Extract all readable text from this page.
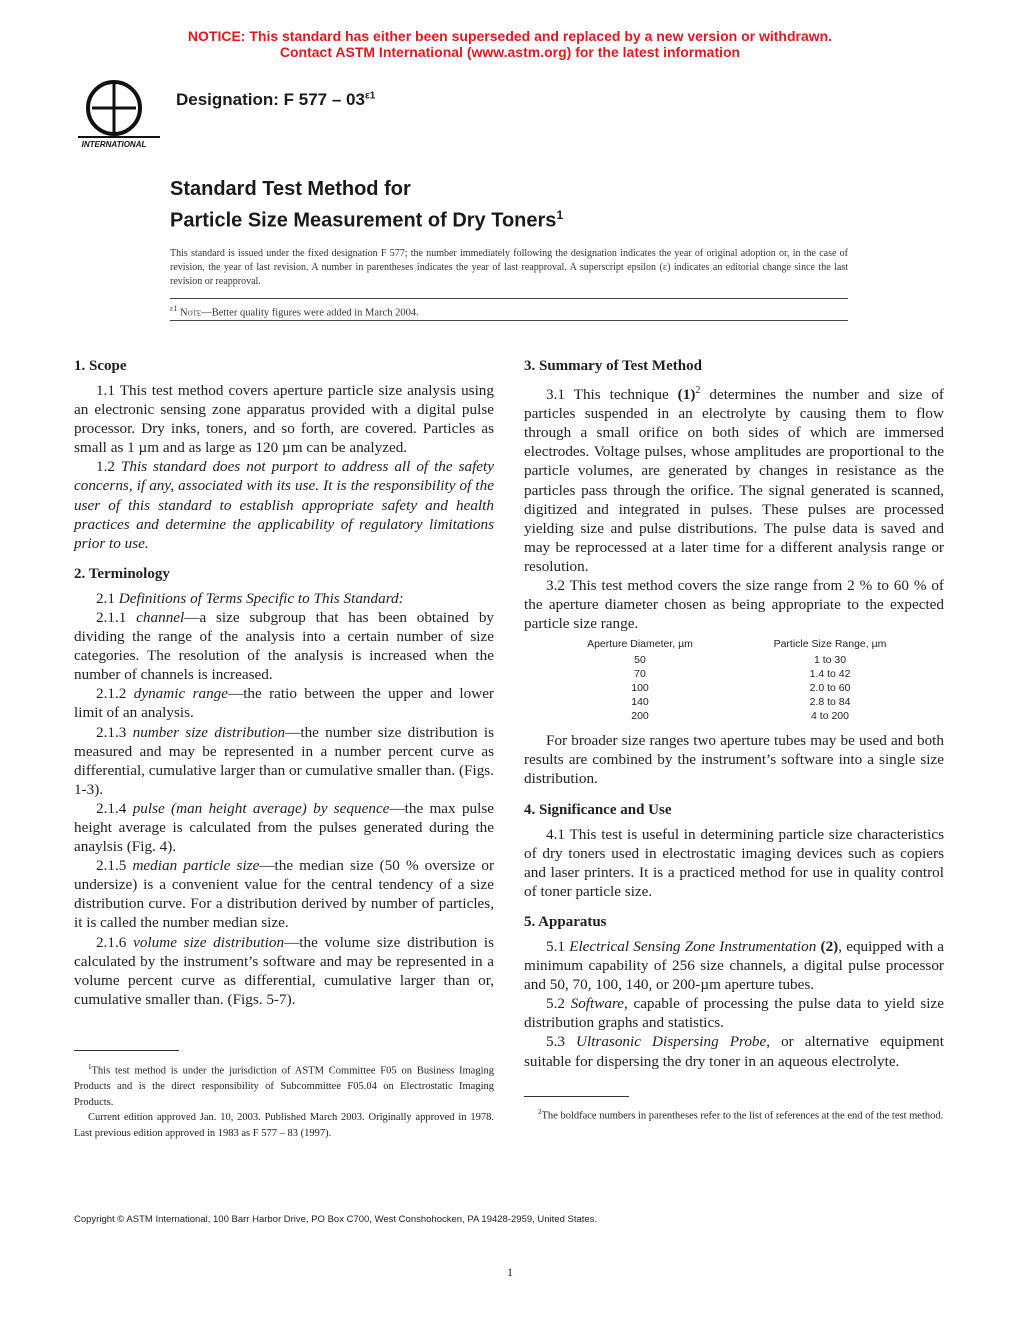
NOTICE: This standard has either been superseded and replaced by a new version or withdrawn.
Contact ASTM International (www.astm.org) for the latest information
INTERNATIONAL
Designation: F $577 - 03^{\varepsilon 1}$
Standard Test Method for
Particle Size Measurement of Dry Toners$^1$
This standard is issued under the fixed designation F 577; the number immediately following the designation indicates the year of original adoption or, in the case of revision, the year of last revision. A number in parentheses indicates the year of last reapproval. A superscript epsilon (ε) indicates an editorial change since the last revision or reapproval.
$^{\varepsilon 1}$ Note—Better quality figures were added in March 2004.
1. Scope

1.1 This test method covers aperture particle size analysis using an electronic sensing zone apparatus provided with a digital pulse processor. Dry inks, toners, and so forth, are covered. Particles as small as 1 µm and as large as 120 µm can be analyzed.

1.2 This standard does not purport to address all of the safety concerns, if any, associated with its use. It is the responsibility of the user of this standard to establish appropriate safety and health practices and determine the applicability of regulatory limitations prior to use.

2. Terminology

2.1 Definitions of Terms Specific to This Standard:

2.1.1 channel—a size subgroup that has been obtained by dividing the range of the analysis into a certain number of size categories. The resolution of the analysis is increased when the number of channels is increased.

2.1.2 dynamic range—the ratio between the upper and lower limit of an analysis.

2.1.3 number size distribution—the number size distribution is measured and may be represented in a number percent curve as differential, cumulative larger than or cumulative smaller than. (Figs. 1-3).

2.1.4 pulse (man height average) by sequence—the max pulse height average is calculated from the pulses generated during the anaylsis (Fig. 4).

2.1.5 median particle size—the median size (50 % oversize or undersize) is a convenient value for the central tendency of a size distribution curve. For a distribution derived by number of particles, it is called the number median size.

2.1.6 volume size distribution—the volume size distribution is calculated by the instrument’s software and may be represented in a volume percent curve as differential, cumulative larger than or, cumulative smaller than. (Figs. 5-7).

3. Summary of Test Method

3.1 This technique $(1)^2$ determines the number and size of particles suspended in an electrolyte by causing them to flow through a small orifice on both sides of which are immersed electrodes. Voltage pulses, whose amplitudes are proportional to the particle volumes, are generated by changes in resistance as the particles pass through the orifice. The signal generated is scanned, digitized and integrated in pulses. These pulses are processed yielding size and pulse distributions. The pulse data is saved and may be reprocessed at a later time for a different analysis range or resolution.

3.2 This test method covers the size range from 2 % to 60 % of the aperture diameter chosen as being appropriate to the expected particle size range.

Aperture Diameter, µm	Particle Size Range, µm
50	1 to 30
70	1.4 to 42
100	2.0 to 60
140	2.8 to 84
200	4 to 200

For broader size ranges two aperture tubes may be used and both results are combined by the instrument’s software into a single size distribution.

4. Significance and Use

4.1 This test is useful in determining particle size characteristics of dry toners used in electrostatic imaging devices such as copiers and laser printers. It is a practiced method for use in quality control of toner particle size.

5. Apparatus

5.1 Electrical Sensing Zone Instrumentation (2), equipped with a minimum capability of 256 size channels, a digital pulse processor and 50, 70, 100, 140, or 200-µm aperture tubes.

5.2 Software, capable of processing the pulse data to yield size distribution graphs and statistics.

5.3 Ultrasonic Dispersing Probe, or alternative equipment suitable for dispersing the dry toner in an aqueous electrolyte.

$^1$This test method is under the jurisdiction of ASTM Committee F05 on Business Imaging Products and is the direct responsibility of Subcommittee F05.04 on Electrostatic Imaging Products.

Current edition approved Jan. 10, 2003. Published March 2003. Originally approved in 1978. Last previous edition approved in 1983 as F 577 – 83 (1997).

$^2$The boldface numbers in parentheses refer to the list of references at the end of the test method.

Copyright © ASTM International, 100 Barr Harbor Drive, PO Box C700, West Conshohocken, PA 19428-2959, United States.
1
